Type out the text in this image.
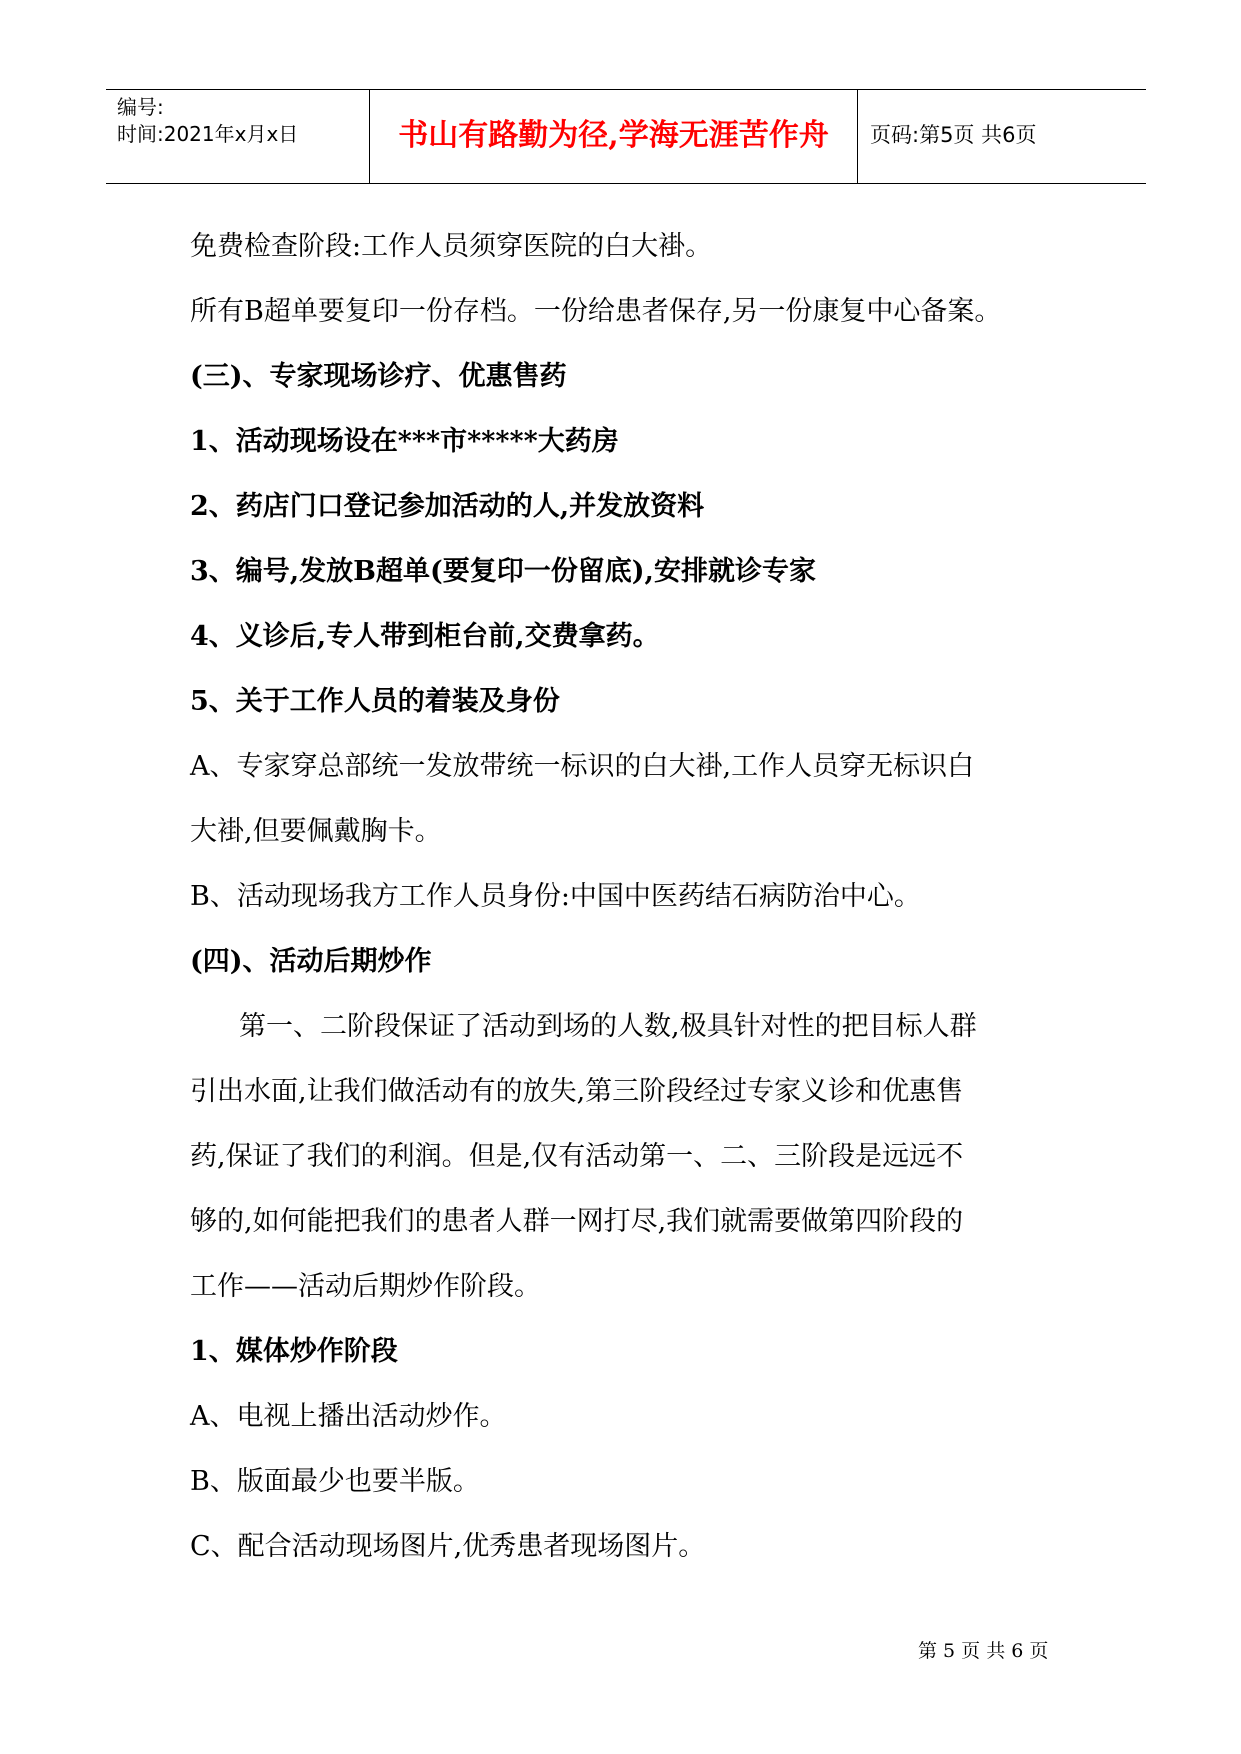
编号:
时间:2021年x月x日	书山有路勤为径,学海无涯苦作舟	页码:第5页 共6页

免费检查阶段:工作人员须穿医院的白大褂。

所有B超单要复印一份存档。一份给患者保存,另一份康复中心备案。

(三)、专家现场诊疗、优惠售药

1、活动现场设在***市*****大药房

2、药店门口登记参加活动的人,并发放资料

3、编号,发放B超单(要复印一份留底),安排就诊专家

4、义诊后,专人带到柜台前,交费拿药。

5、关于工作人员的着装及身份

A、专家穿总部统一发放带统一标识的白大褂,工作人员穿无标识白

大褂,但要佩戴胸卡。

B、活动现场我方工作人员身份:中国中医药结石病防治中心。

(四)、活动后期炒作

第一、二阶段保证了活动到场的人数,极具针对性的把目标人群

引出水面,让我们做活动有的放失,第三阶段经过专家义诊和优惠售

药,保证了我们的利润。但是,仅有活动第一、二、三阶段是远远不

够的,如何能把我们的患者人群一网打尽,我们就需要做第四阶段的

工作——活动后期炒作阶段。

1、媒体炒作阶段

A、电视上播出活动炒作。

B、版面最少也要半版。

C、配合活动现场图片,优秀患者现场图片。

第 5 页 共 6 页
